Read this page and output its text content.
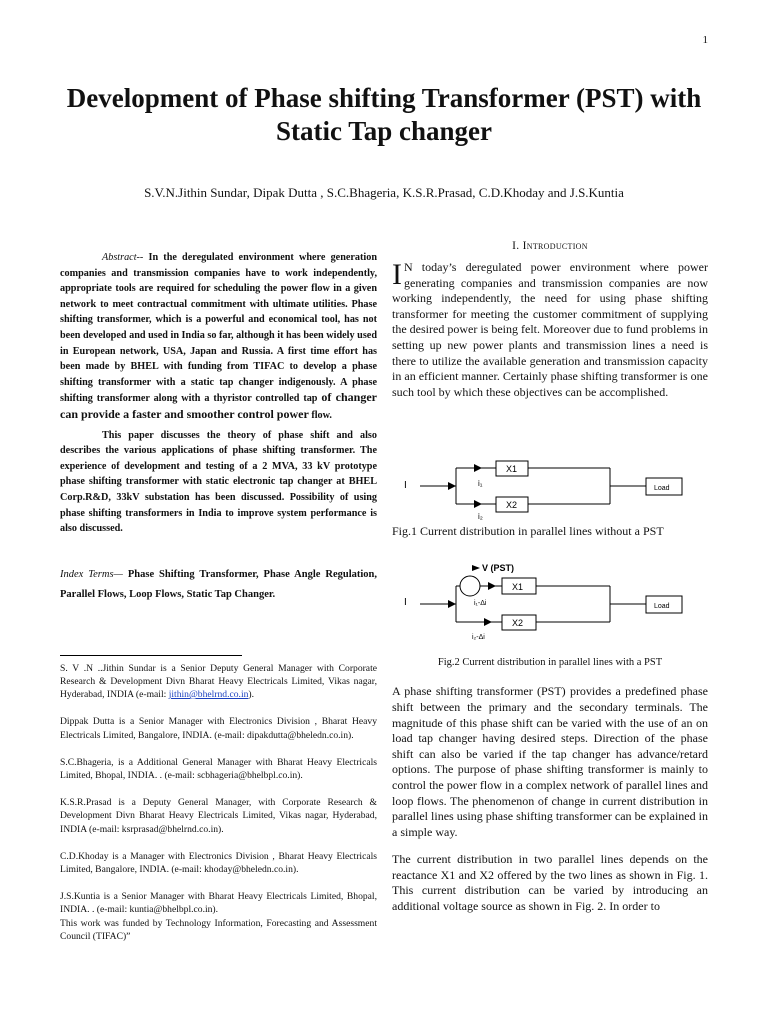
1
Development of Phase shifting Transformer (PST) with Static Tap changer
S.V.N.Jithin Sundar, Dipak Dutta , S.C.Bhageria, K.S.R.Prasad, C.D.Khoday and J.S.Kuntia

Abstract-- In the deregulated environment where generation companies and transmission companies have to work independently, appropriate tools are required for scheduling the power flow in a given network to meet contractual commitment with ultimate utilities. Phase shifting transformer, which is a powerful and economical tool, has not been developed and used in India so far, although it has been widely used in European network, USA, Japan and Russia. A first time effort has been made by BHEL with funding from TIFAC to develop a phase shifting transformer with a static tap changer indigenously. A phase shifting transformer along with a thyristor controlled tap of changer can provide a faster and smoother control power flow.

This paper discusses the theory of phase shift and also describes the various applications of phase shifting transformer. The experience of development and testing of a 2 MVA, 33 kV prototype phase shifting transformer with static electronic tap changer at BHEL Corp.R&D, 33kV substation has been discussed. Possibility of using phase shifting transformers in India to improve system performance is also discussed.

Index Terms— Phase Shifting Transformer, Phase Angle Regulation, Parallel Flows, Loop Flows, Static Tap Changer.

S. V .N ..Jithin Sundar is a Senior Deputy General Manager with Corporate Research & Development Divn Bharat Heavy Electricals Limited, Vikas nagar, Hyderabad, INDIA (e-mail: jithin@bhelrnd.co.in).

Dippak Dutta is a Senior Manager with Electronics Division , Bharat Heavy Electricals Limited, Bangalore, INDIA. (e-mail: dipakdutta@bheledn.co.in).

S.C.Bhageria, is a Additional General Manager with Bharat Heavy Electricals Limited, Bhopal, INDIA. . (e-mail: scbhageria@bhelbpl.co.in).

K.S.R.Prasad is a Deputy General Manager, with Corporate Research & Development Divn Bharat Heavy Electricals Limited, Vikas nagar, Hyderabad, INDIA (e-mail: ksrprasad@bhelrnd.co.in).

C.D.Khoday is a Manager with Electronics Division , Bharat Heavy Electricals Limited, Bangalore, INDIA. (e-mail: khoday@bheledn.co.in).

J.S.Kuntia is a Senior Manager with Bharat Heavy Electricals Limited, Bhopal, INDIA. . (e-mail: kuntia@bhelbpl.co.in).

This work was funded by Technology Information, Forecasting and Assessment Council (TIFAC)”

I. Introduction

I N today’s deregulated power environment where power generating companies and transmission companies are now working independently, the need for using phase shifting transformer for meeting the customer commitment of supplying the desired power is being felt. Moreover due to fund problems in setting up new power plants and transmission lines a need is there to utilize the available generation and transmission capacity in an efficient manner. Certainly phase shifting transformer is one such tool by which these objectives can be accomplished.

I	i₁
i₂
X1
X2
Load
Fig.1 Current distribution in parallel lines without a PST
V (PST)
I	i₁-Δi
i₂-Δi
X1
X2
Load
Fig.2 Current distribution in parallel lines with a PST

A phase shifting transformer (PST) provides a predefined phase shift between the primary and the secondary terminals. The magnitude of this phase shift can be varied with the use of an on load tap changer having desired steps. Direction of the phase shift can also be varied if the tap changer has advance/retard options. The purpose of phase shifting transformer is mainly to control the power flow in a complex network of parallel lines and loop flows. The phenomenon of change in current distribution in parallel lines using phase shifting transformer can be explained in a simple way.

The current distribution in two parallel lines depends on the reactance X1 and X2 offered by the two lines as shown in Fig. 1. This current distribution can be varied by introducing an additional voltage source as shown in Fig. 2. In order to
